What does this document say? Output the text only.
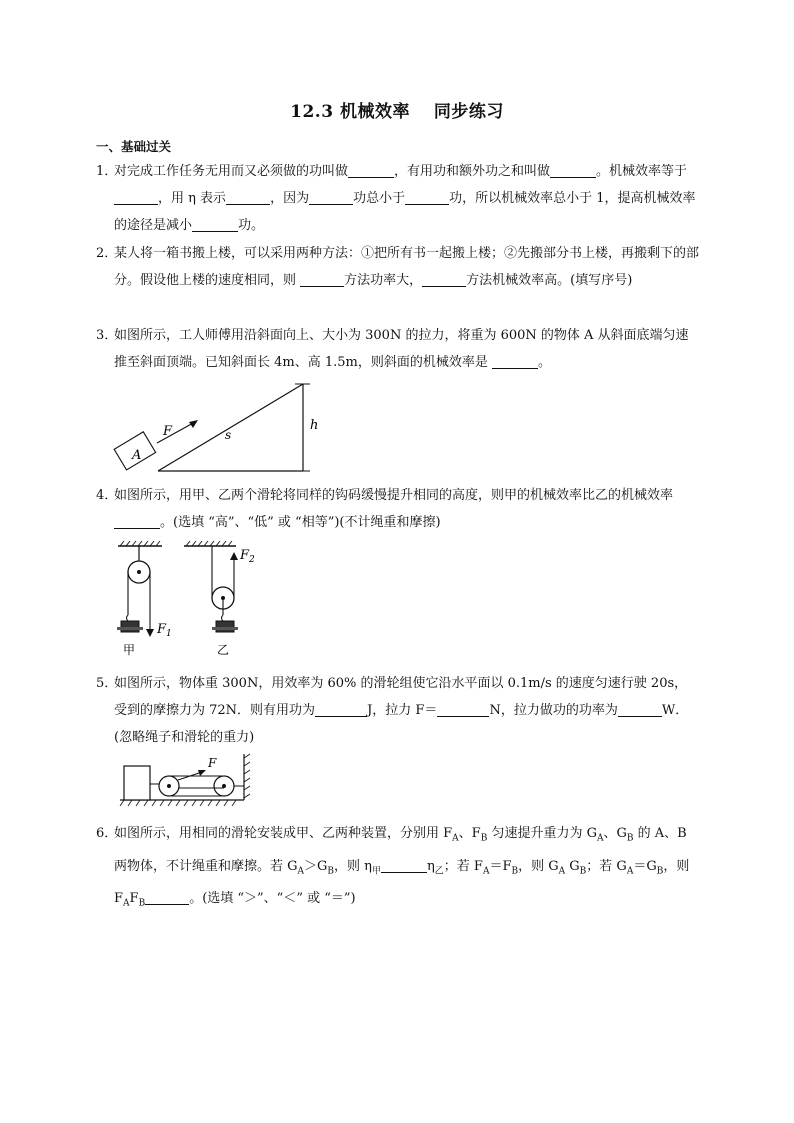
12.3 机械效率　 同步练习
一、基础过关
1．
对完成工作任务无用而又必须做的功叫做	，有用功和额外功之和叫做	。机械效率等于，用 η 表示	，因为	功总小于	功，所以机械效率总小于 1，提高机械效率的途径是减小	功。
2．
某人将一箱书搬上楼，可以采用两种方法：①把所有书一起搬上楼；②先搬部分书上楼，再搬剩下的部分。假设他上楼的速度相同，则	方法功率大，	方法机械效率高。(填写序号)
3．
如图所示，工人师傅用沿斜面向上、大小为 300N 的拉力，将重为 600N 的物体 A 从斜面底端匀速推至斜面顶端。已知斜面长 4m、高 1.5m，则斜面的机械效率是	。
A
F	s
h
4．
如图所示，用甲、乙两个滑轮将同样的钩码缓慢提升相同的高度，则甲的机械效率比乙的机械效率 。(选填 “高”、“低” 或 “相等”)(不计绳重和摩擦)
F 1
甲
F 2
乙
5．
如图所示，物体重 300N，用效率为 60% 的滑轮组使它沿水平面以 0.1m/s 的速度匀速行驶 20s，受到的摩擦力为 72N．则有用功为	J，拉力 F＝	N，拉力做功的功率为	W．(忽略绳子和滑轮的重力)
F
6．
如图所示，用相同的滑轮安装成甲、乙两种装置，分别用 $F_A$、$F_B$ 匀速提升重力为 $G_A$、$G_B$ 的 A、B 两物体，不计绳重和摩擦。若 $G_A>G_B$，则 $\eta_甲$	$\eta_乙$；若 $F_A=F_B$，则 $G_A$ $G_B$；若 $G_A=G_B$，则 $F_AF_B$	。(选填 “＞”、“＜” 或 “＝”)
